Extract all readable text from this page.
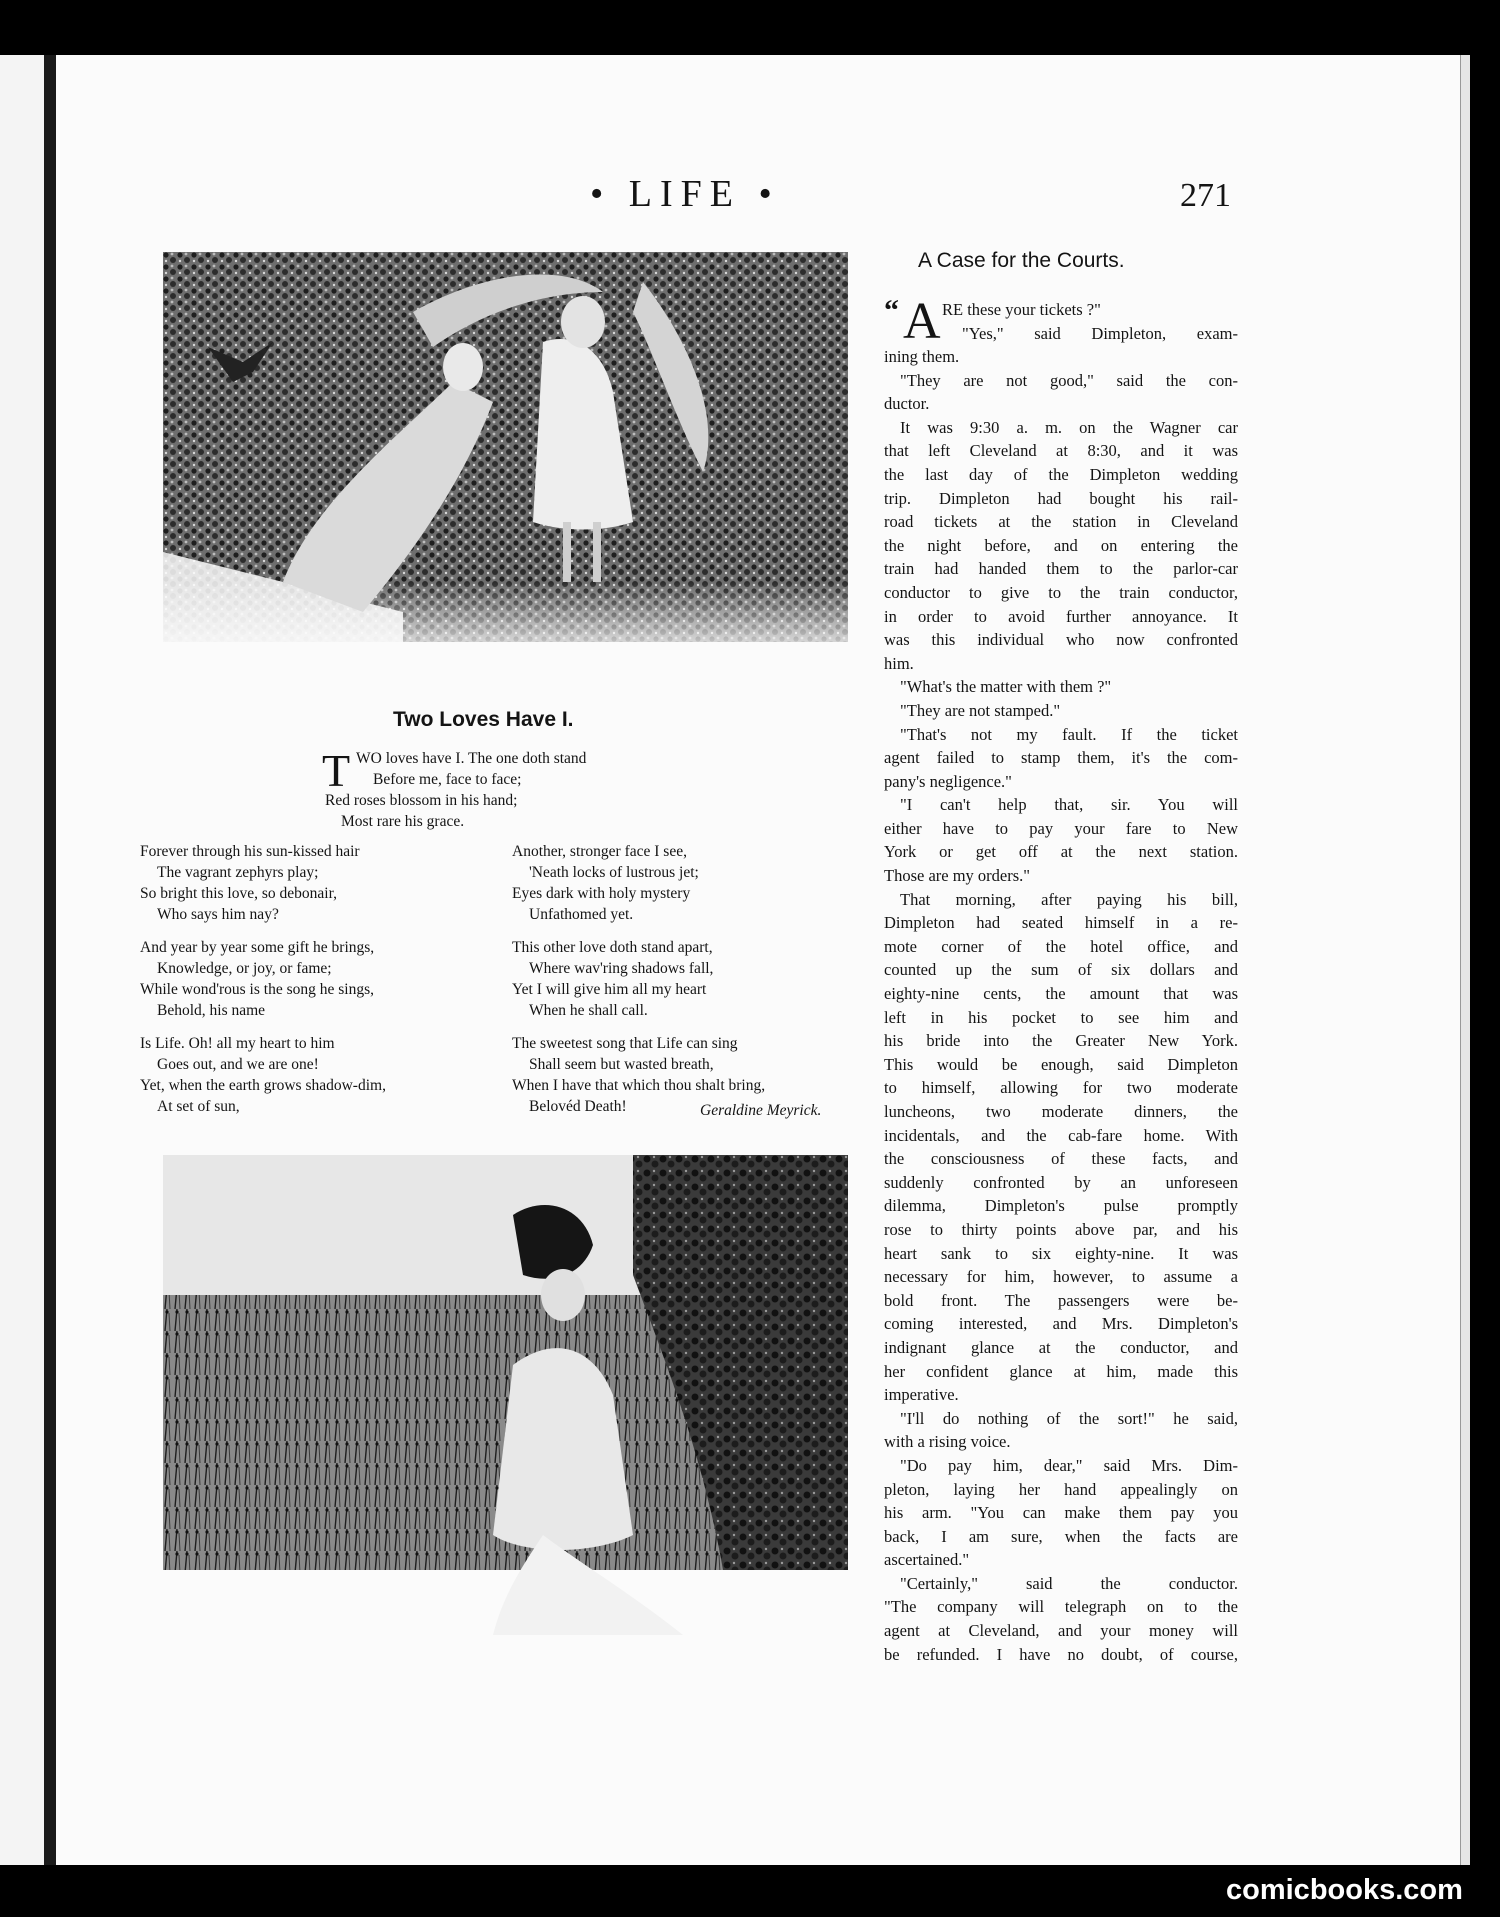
• LIFE •	271
Two Loves Have I.
T WO loves have I. The one doth stand
Before me, face to face;
Red roses blossom in his hand;
Most rare his grace.
Forever through his sun-kissed hair
The vagrant zephyrs play;
So bright this love, so debonair,
Who says him nay?
And year by year some gift he brings,
Knowledge, or joy, or fame;
While wond'rous is the song he sings,
Behold, his name
Is Life. Oh! all my heart to him
Goes out, and we are one!
Yet, when the earth grows shadow-dim,
At set of sun,
Another, stronger face I see,
'Neath locks of lustrous jet;
Eyes dark with holy mystery
Unfathomed yet.
This other love doth stand apart,
Where wav'ring shadows fall,
Yet I will give him all my heart
When he shall call.
The sweetest song that Life can sing
Shall seem but wasted breath,
When I have that which thou shalt bring,
Belovéd Death!	Geraldine Meyrick.
A Case for the Courts.
“ A RE these your tickets ?"
"Yes," said Dimpleton, exam-
ining them.
"They are not good," said the con-
ductor.
It was 9:30 a. m. on the Wagner car
that left Cleveland at 8:30, and it was
the last day of the Dimpleton wedding
trip. Dimpleton had bought his rail-
road tickets at the station in Cleveland
the night before, and on entering the
train had handed them to the parlor-car
conductor to give to the train conductor,
in order to avoid further annoyance. It
was this individual who now confronted
him.
"What's the matter with them ?"
"They are not stamped."
"That's not my fault. If the ticket
agent failed to stamp them, it's the com-
pany's negligence."
"I can't help that, sir. You will
either have to pay your fare to New
York or get off at the next station.
Those are my orders."
That morning, after paying his bill,
Dimpleton had seated himself in a re-
mote corner of the hotel office, and
counted up the sum of six dollars and
eighty-nine cents, the amount that was
left in his pocket to see him and
his bride into the Greater New York.
This would be enough, said Dimpleton
to himself, allowing for two moderate
luncheons, two moderate dinners, the
incidentals, and the cab-fare home. With
the consciousness of these facts, and
suddenly confronted by an unforeseen
dilemma, Dimpleton's pulse promptly
rose to thirty points above par, and his
heart sank to six eighty-nine. It was
necessary for him, however, to assume a
bold front. The passengers were be-
coming interested, and Mrs. Dimpleton's
indignant glance at the conductor, and
her confident glance at him, made this
imperative.
"I'll do nothing of the sort!" he said,
with a rising voice.
"Do pay him, dear," said Mrs. Dim-
pleton, laying her hand appealingly on
his arm. "You can make them pay you
back, I am sure, when the facts are
ascertained."
"Certainly," said the conductor.
"The company will telegraph on to the
agent at Cleveland, and your money will
be refunded. I have no doubt, of course,
comicbooks.com
